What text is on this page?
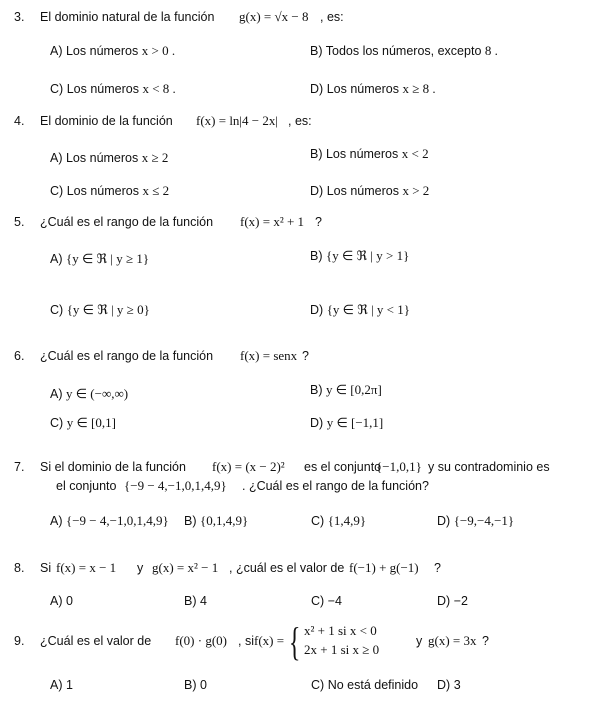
3. El dominio natural de la función g(x) = √x − 8 , es:
A) Los números x > 0 .	B) Todos los números, excepto 8 .
C) Los números x < 8 .	D) Los números x ≥ 8 .
4. El dominio de la función f(x) = ln|4 − 2x| , es:
A) Los números x ≥ 2	B) Los números x < 2
C) Los números x ≤ 2	D) Los números x > 2
5. ¿Cuál es el rango de la función f(x) = x² + 1 ?
A) {y ∈ ℜ | y ≥ 1}	B) {y ∈ ℜ | y > 1}
C) {y ∈ ℜ | y ≥ 0}	D) {y ∈ ℜ | y < 1}
6. ¿Cuál es el rango de la función f(x) = senx ?
A) y ∈ (−∞,∞)	B) y ∈ [0,2π]
C) y ∈ [0,1]	D) y ∈ [−1,1]
7. Si el dominio de la función f(x) = (x − 2)² es el conjunto
{−1,0,1} y su contradominio es
el conjunto {−9 − 4,−1,0,1,4,9} . ¿Cuál es el rango de la función?
A) {−9 − 4,−1,0,1,4,9} B) {0,1,4,9}	C) {1,4,9}	D) {−9,−4,−1}
8. Si f(x) = x − 1 y g(x) = x² − 1 , ¿cuál es el valor de f(−1) + g(−1) ?
A) 0	B) 4	C) −4	D) −2
9. ¿Cuál es el valor de f(0) · g(0) , si f(x) = { x² + 1 si x < 0
2x + 1 si x ≥ 0
y g(x) = 3x ?
A) 1	B) 0	C) No está definido D) 3
